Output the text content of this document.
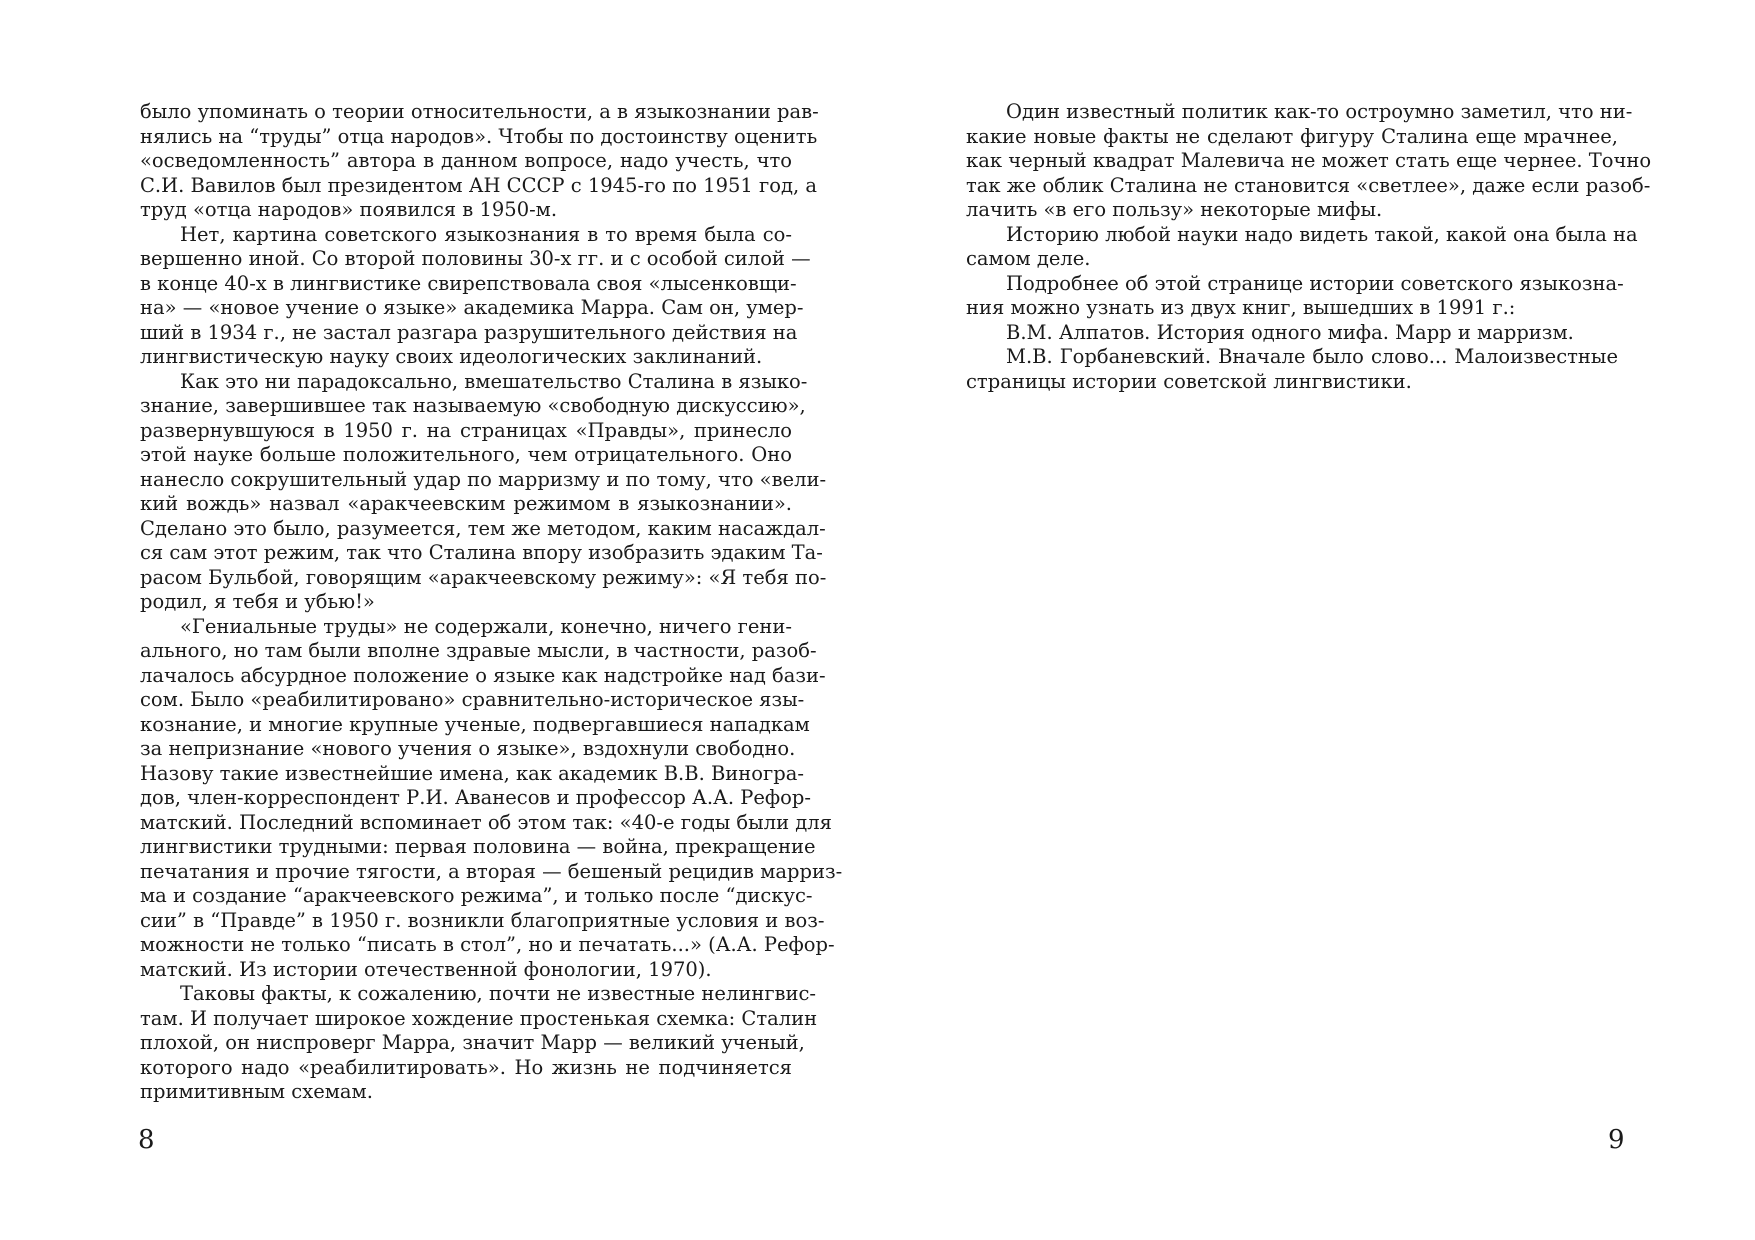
было упоминать о теории относительности, а в языкознании рав-
нялись на “труды” отца народов». Чтобы по достоинству оценить
«осведомленность” автора в данном вопросе, надо учесть, что
С.И. Вавилов был президентом АН СССР с 1945-го по 1951 год, а
труд «отца народов» появился в 1950-м.
Нет, картина советского языкознания в то время была со-
вершенно иной. Со второй половины 30-х гг. и с особой силой —
в конце 40-х в лингвистике свирепствовала своя «лысенковщи-
на» — «новое учение о языке» академика Марра. Сам он, умер-
ший в 1934 г., не застал разгара разрушительного действия на
лингвистическую науку своих идеологических заклинаний.
Как это ни парадоксально, вмешательство Сталина в языко-
знание, завершившее так называемую «свободную дискуссию»,
развернувшуюся в 1950 г. на страницах «Правды», принесло
этой науке больше положительного, чем отрицательного. Оно
нанесло сокрушительный удар по марризму и по тому, что «вели-
кий вождь» назвал «аракчеевским режимом в языкознании».
Сделано это было, разумеется, тем же методом, каким насаждал-
ся сам этот режим, так что Сталина впору изобразить эдаким Та-
расом Бульбой, говорящим «аракчеевскому режиму»: «Я тебя по-
родил, я тебя и убью!»
«Гениальные труды» не содержали, конечно, ничего гени-
ального, но там были вполне здравые мысли, в частности, разоб-
лачалось абсурдное положение о языке как надстройке над бази-
сом. Было «реабилитировано» сравнительно-историческое язы-
кознание, и многие крупные ученые, подвергавшиеся нападкам
за непризнание «нового учения о языке», вздохнули свободно.
Назову такие известнейшие имена, как академик В.В. Виногра-
дов, член-корреспондент Р.И. Аванесов и профессор А.А. Рефор-
матский. Последний вспоминает об этом так: «40-е годы были для
лингвистики трудными: первая половина — война, прекращение
печатания и прочие тягости, а вторая — бешеный рецидив марриз-
ма и создание “аракчеевского режима”, и только после “дискус-
сии” в “Правде” в 1950 г. возникли благоприятные условия и воз-
можности не только “писать в стол”, но и печатать...» (А.А. Рефор-
матский. Из истории отечественной фонологии, 1970).
Таковы факты, к сожалению, почти не известные нелингвис-
там. И получает широкое хождение простенькая схемка: Сталин
плохой, он ниспроверг Марра, значит Марр — великий ученый,
которого надо «реабилитировать». Но жизнь не подчиняется
примитивным схемам.
8
Один известный политик как-то остроумно заметил, что ни-
какие новые факты не сделают фигуру Сталина еще мрачнее,
как черный квадрат Малевича не может стать еще чернее. Точно
так же облик Сталина не становится «светлее», даже если разоб-
лачить «в его пользу» некоторые мифы.
Историю любой науки надо видеть такой, какой она была на
самом деле.
Подробнее об этой странице истории советского языкозна-
ния можно узнать из двух книг, вышедших в 1991 г.:
В.М. Алпатов. История одного мифа. Марр и марризм.
М.В. Горбаневский. Вначале было слово... Малоизвестные
страницы истории советской лингвистики.
9
